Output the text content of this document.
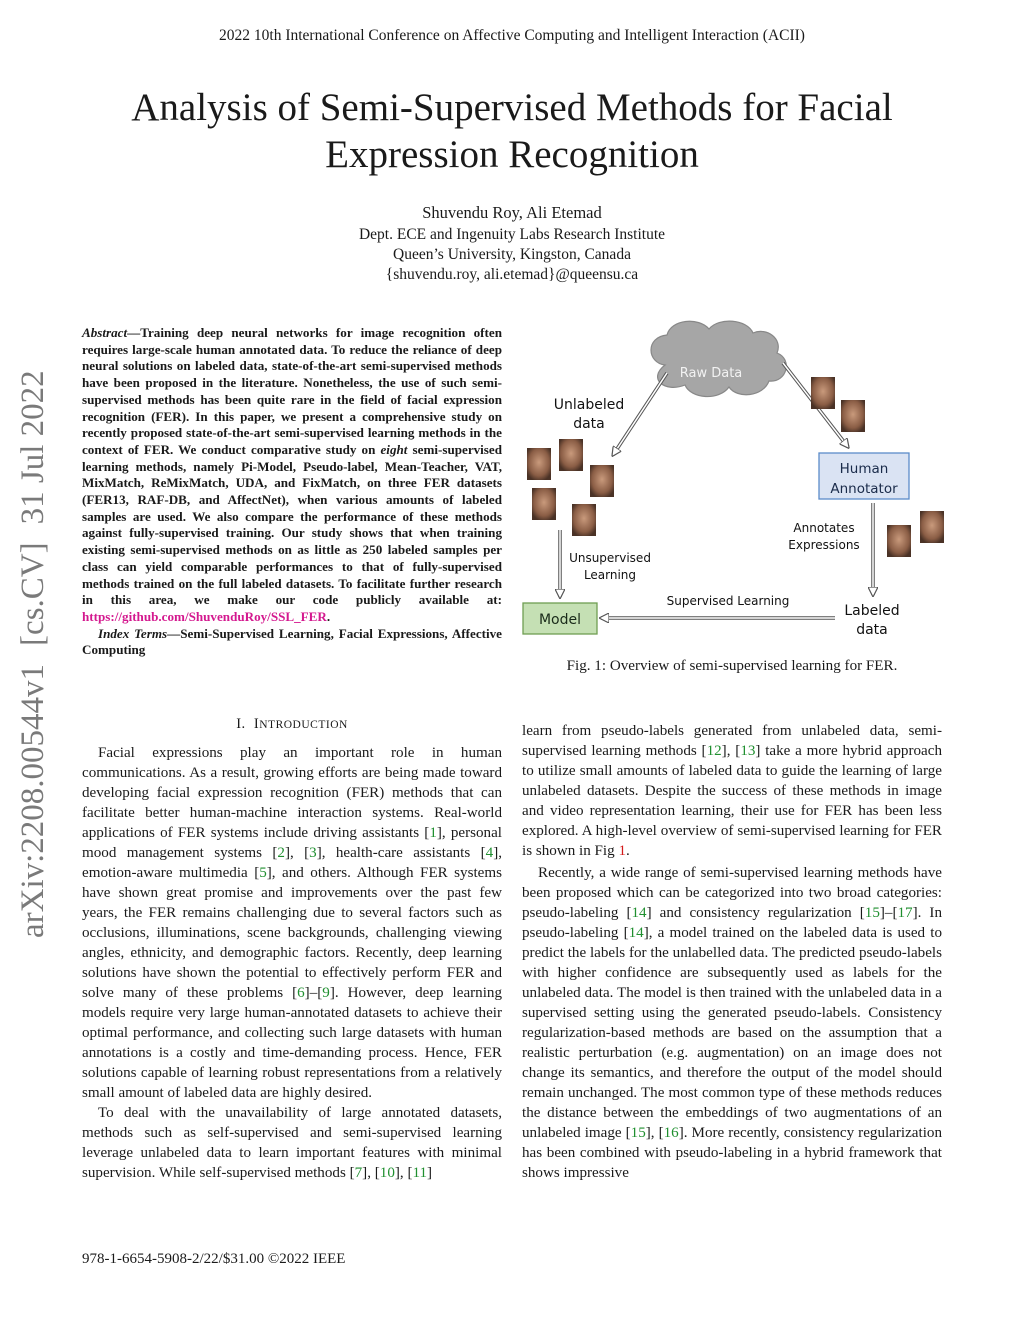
2022 10th International Conference on Affective Computing and Intelligent Interaction (ACII)
Analysis of Semi-Supervised Methods for Facial
Expression Recognition
Shuvendu Roy, Ali Etemad
Dept. ECE and Ingenuity Labs Research Institute
Queen’s University, Kingston, Canada
{shuvendu.roy, ali.etemad}@queensu.ca
arXiv:2208.00544v1[cs.CV]31 Jul 2022
Abstract—Training deep neural networks for image recognition often requires large-scale human annotated data. To reduce the reliance of deep neural solutions on labeled data, state-of-the-art semi-supervised methods have been proposed in the literature. Nonetheless, the use of such semi-supervised methods has been quite rare in the field of facial expression recognition (FER). In this paper, we present a comprehensive study on recently proposed state-of-the-art semi-supervised learning methods in the context of FER. We conduct comparative study on eight semi-supervised learning methods, namely Pi-Model, Pseudo-label, Mean-Teacher, VAT, MixMatch, ReMixMatch, UDA, and FixMatch, on three FER datasets (FER13, RAF-DB, and AffectNet), when various amounts of labeled samples are used. We also compare the performance of these methods against fully-supervised training. Our study shows that when training existing semi-supervised methods on as little as 250 labeled samples per class can yield comparable performances to that of fully-supervised methods trained on the full labeled datasets. To facilitate further research in this area, we make our code publicly available at: https://github.com/ShuvenduRoy/SSL_FER.
Index Terms—Semi-Supervised Learning, Facial Expressions, Affective Computing
Raw Data
Unlabeled
data
Human
Annotator
Annotates
Expressions
Unsupervised
Learning
Supervised Learning
Model
Labeled
data
Fig. 1: Overview of semi-supervised learning for FER.
I. INTRODUCTION

Facial expressions play an important role in human communications. As a result, growing efforts are being made toward developing facial expression recognition (FER) methods that can facilitate better human-machine interaction systems. Real-world applications of FER systems include driving assistants [1], personal mood management systems [2], [3], health-care assistants [4], emotion-aware multimedia [5], and others. Although FER systems have shown great promise and improvements over the past few years, the FER remains challenging due to several factors such as occlusions, illuminations, scene backgrounds, challenging viewing angles, ethnicity, and demographic factors. Recently, deep learning solutions have shown the potential to effectively perform FER and solve many of these problems [6]–[9]. However, deep learning models require very large human-annotated datasets to achieve their optimal performance, and collecting such large datasets with human annotations is a costly and time-demanding process. Hence, FER solutions capable of learning robust representations from a relatively small amount of labeled data are highly desired.

To deal with the unavailability of large annotated datasets, methods such as self-supervised and semi-supervised learning leverage unlabeled data to learn important features with minimal supervision. While self-supervised methods [7], [10], [11]

learn from pseudo-labels generated from unlabeled data, semi-supervised learning methods [12], [13] take a more hybrid approach to utilize small amounts of labeled data to guide the learning of large unlabeled datasets. Despite the success of these methods in image and video representation learning, their use for FER has been less explored. A high-level overview of semi-supervised learning for FER is shown in Fig 1.

Recently, a wide range of semi-supervised learning methods have been proposed which can be categorized into two broad categories: pseudo-labeling [14] and consistency regularization [15]–[17]. In pseudo-labeling [14], a model trained on the labeled data is used to predict the labels for the unlabelled data. The predicted pseudo-labels with higher confidence are subsequently used as labels for the unlabeled data. The model is then trained with the unlabeled data in a supervised setting using the generated pseudo-labels. Consistency regularization-based methods are based on the assumption that a realistic perturbation (e.g. augmentation) on an image does not change its semantics, and therefore the output of the model should remain unchanged. The most common type of these methods reduces the distance between the embeddings of two augmentations of an unlabeled image [15], [16]. More recently, consistency regularization has been combined with pseudo-labeling in a hybrid framework that shows impressive

978-1-6654-5908-2/22/$31.00 ©2022 IEEE
